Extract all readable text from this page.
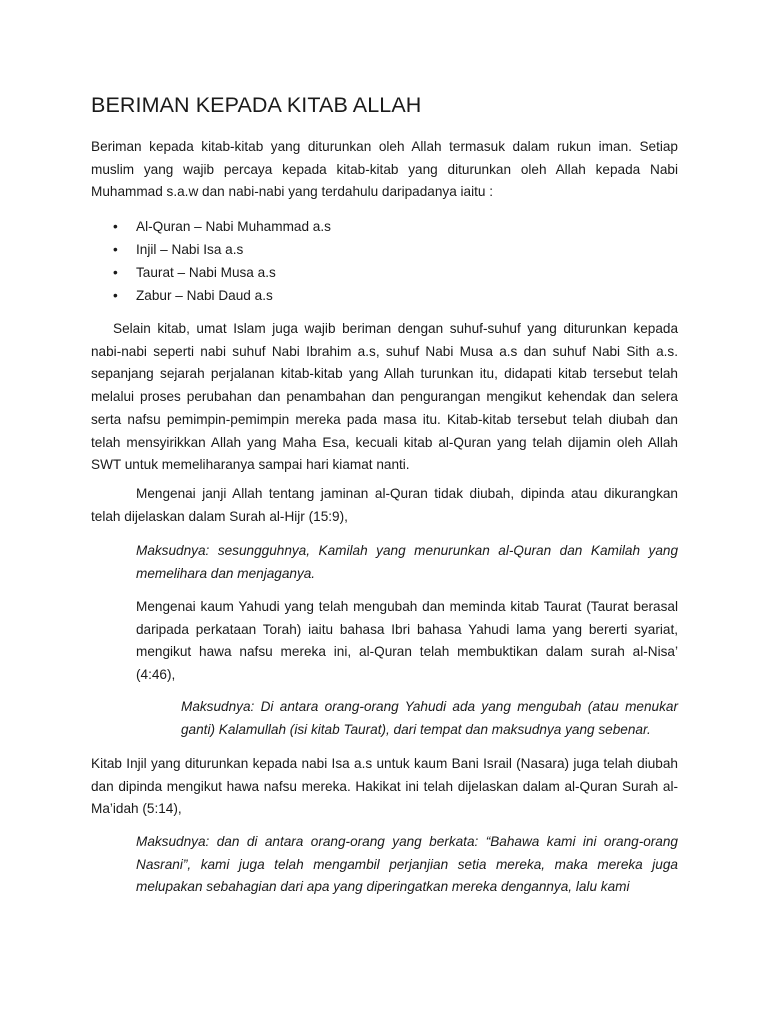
BERIMAN KEPADA KITAB ALLAH

Beriman kepada kitab-kitab yang diturunkan oleh Allah termasuk dalam rukun iman. Setiap muslim yang wajib percaya kepada kitab-kitab yang diturunkan oleh Allah kepada Nabi Muhammad s.a.w dan nabi-nabi yang terdahulu daripadanya iaitu :

• Al-Quran – Nabi Muhammad a.s
• Injil – Nabi Isa a.s
• Taurat – Nabi Musa a.s
• Zabur – Nabi Daud a.s

Selain kitab, umat Islam juga wajib beriman dengan suhuf-suhuf yang diturunkan kepada nabi-nabi seperti nabi suhuf Nabi Ibrahim a.s, suhuf Nabi Musa a.s dan suhuf Nabi Sith a.s. sepanjang sejarah perjalanan kitab-kitab yang Allah turunkan itu, didapati kitab tersebut telah melalui proses perubahan dan penambahan dan pengurangan mengikut kehendak dan selera serta nafsu pemimpin-pemimpin mereka pada masa itu. Kitab-kitab tersebut telah diubah dan telah mensyirikkan Allah yang Maha Esa, kecuali kitab al-Quran yang telah dijamin oleh Allah SWT untuk memeliharanya sampai hari kiamat nanti.

Mengenai janji Allah tentang jaminan al-Quran tidak diubah, dipinda atau dikurangkan telah dijelaskan dalam Surah al-Hijr (15:9),

Maksudnya: sesungguhnya, Kamilah yang menurunkan al-Quran dan Kamilah yang memelihara dan menjaganya.

Mengenai kaum Yahudi yang telah mengubah dan meminda kitab Taurat (Taurat berasal daripada perkataan Torah) iaitu bahasa Ibri bahasa Yahudi lama yang bererti syariat, mengikut hawa nafsu mereka ini, al-Quran telah membuktikan dalam surah al-Nisa’ (4:46),

Maksudnya: Di antara orang-orang Yahudi ada yang mengubah (atau menukar ganti) Kalamullah (isi kitab Taurat), dari tempat dan maksudnya yang sebenar.

Kitab Injil yang diturunkan kepada nabi Isa a.s untuk kaum Bani Israil (Nasara) juga telah diubah dan dipinda mengikut hawa nafsu mereka. Hakikat ini telah dijelaskan dalam al-Quran Surah al-Ma’idah (5:14),

Maksudnya: dan di antara orang-orang yang berkata: “Bahawa kami ini orang-orang Nasrani”, kami juga telah mengambil perjanjian setia mereka, maka mereka juga melupakan sebahagian dari apa yang diperingatkan mereka dengannya, lalu kami
